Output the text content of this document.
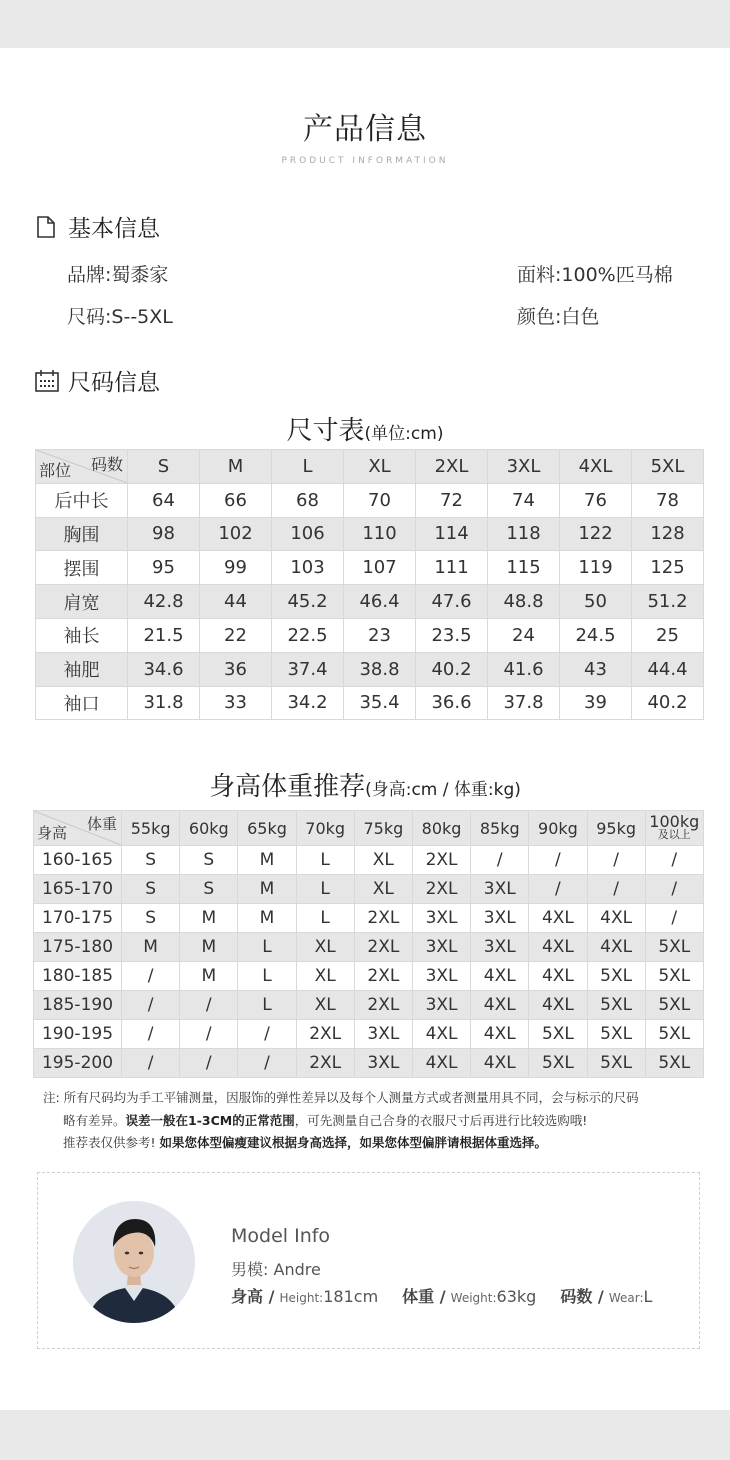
产品信息
PRODUCT INFORMATION
基本信息
品牌:蜀黍家
尺码:S--5XL
面料:100%匹马棉
颜色:白色
尺码信息
尺寸表(单位:cm)
码数
部位	S	M	L	XL	2XL	3XL	4XL	5XL
后中长	64	66	68	70	72	74	76	78
胸围	98	102	106	110	114	118	122	128
摆围	95	99	103	107	111	115	119	125
肩宽	42.8	44	45.2	46.4	47.6	48.8	50	51.2
袖长	21.5	22	22.5	23	23.5	24	24.5	25
袖肥	34.6	36	37.4	38.8	40.2	41.6	43	44.4
袖口	31.8	33	34.2	35.4	36.6	37.8	39	40.2
身高体重推荐(身高:cm / 体重:kg)
体重
身高	55kg	60kg	65kg	70kg	75kg	80kg	85kg	90kg	95kg	100kg
及以上

160-165	S	S	M	L	XL	2XL	/	/	/	/
165-170	S	S	M	L	XL	2XL	3XL	/	/	/
170-175	S	M	M	L	2XL	3XL	3XL	4XL	4XL	/
175-180	M	M	L	XL	2XL	3XL	3XL	4XL	4XL	5XL
180-185	/	M	L	XL	2XL	3XL	4XL	4XL	5XL	5XL
185-190	/	/	L	XL	2XL	3XL	4XL	4XL	5XL	5XL
190-195	/	/	/	2XL	3XL	4XL	4XL	5XL	5XL	5XL
195-200	/	/	/	2XL	3XL	4XL	4XL	5XL	5XL	5XL
注: 所有尺码均为手工平铺测量，因服饰的弹性差异以及每个人测量方式或者测量用具不同，会与标示的尺码
略有差异。误差一般在1-3CM的正常范围，可先测量自己合身的衣服尺寸后再进行比较选购哦!
推荐表仅供参考! 如果您体型偏瘦建议根据身高选择，如果您体型偏胖请根据体重选择。
Model Info
男模: Andre
身高 / Height:181cm 体重 / Weight:63kg 码数 / Wear:L
